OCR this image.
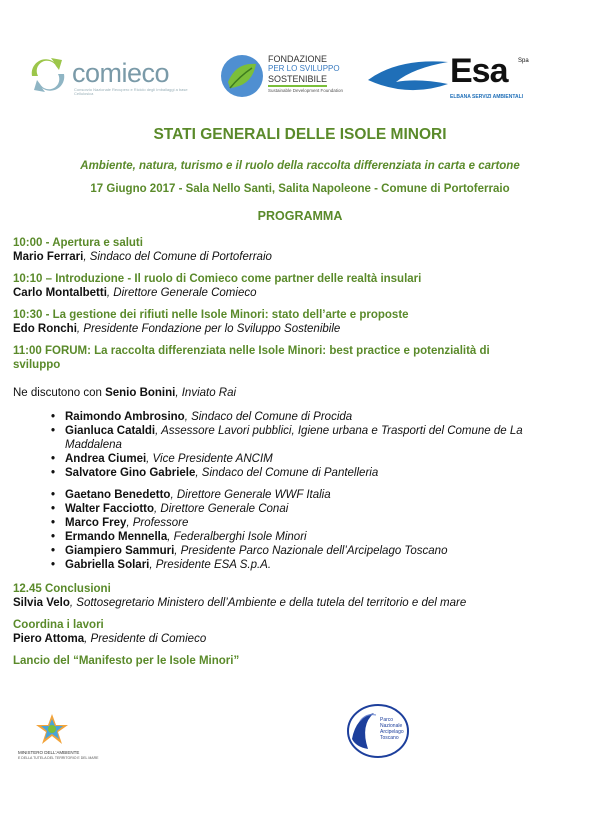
comieco
Consorzio Nazionale Recupero e Riciclo degli Imballaggi a base Cellulosica
FONDAZIONE
PER LO SVILUPPO
SOSTENIBILE
Sustainable Development Foundation
Esa Spa
ELBANA SERVIZI AMBIENTALI
STATI GENERALI DELLE ISOLE MINORI
Ambiente, natura, turismo e il ruolo della raccolta differenziata in carta e cartone
17 Giugno 2017 - Sala Nello Santi, Salita Napoleone - Comune di Portoferraio
PROGRAMMA
10:00 - Apertura e saluti
Mario Ferrari, Sindaco del Comune di Portoferraio
10:10 – Introduzione - Il ruolo di Comieco come partner delle realtà insulari
Carlo Montalbetti, Direttore Generale Comieco
10:30 - La gestione dei rifiuti nelle Isole Minori: stato dell’arte e proposte
Edo Ronchi, Presidente Fondazione per lo Sviluppo Sostenibile
11:00 FORUM: La raccolta differenziata nelle Isole Minori: best practice e potenzialità di sviluppo
Ne discutono con Senio Bonini, Inviato Rai
• Raimondo Ambrosino, Sindaco del Comune di Procida
• Gianluca Cataldi, Assessore Lavori pubblici, Igiene urbana e Trasporti del Comune de La Maddalena
• Andrea Ciumei, Vice Presidente ANCIM
• Salvatore Gino Gabriele, Sindaco del Comune di Pantelleria
• Gaetano Benedetto, Direttore Generale WWF Italia
• Walter Facciotto, Direttore Generale Conai
• Marco Frey, Professore
• Ermando Mennella, Federalberghi Isole Minori
• Giampiero Sammuri, Presidente Parco Nazionale dell’Arcipelago Toscano
• Gabriella Solari, Presidente ESA S.p.A.
12.45 Conclusioni
Silvia Velo, Sottosegretario Ministero dell’Ambiente e della tutela del territorio e del mare
Coordina i lavori
Piero Attoma, Presidente di Comieco
Lancio del “Manifesto per le Isole Minori”
MINISTERO DELL'AMBIENTE
E DELLA TUTELA DEL TERRITORIO E DEL MARE
Parco
Nazionale
Arcipelago
Toscano
